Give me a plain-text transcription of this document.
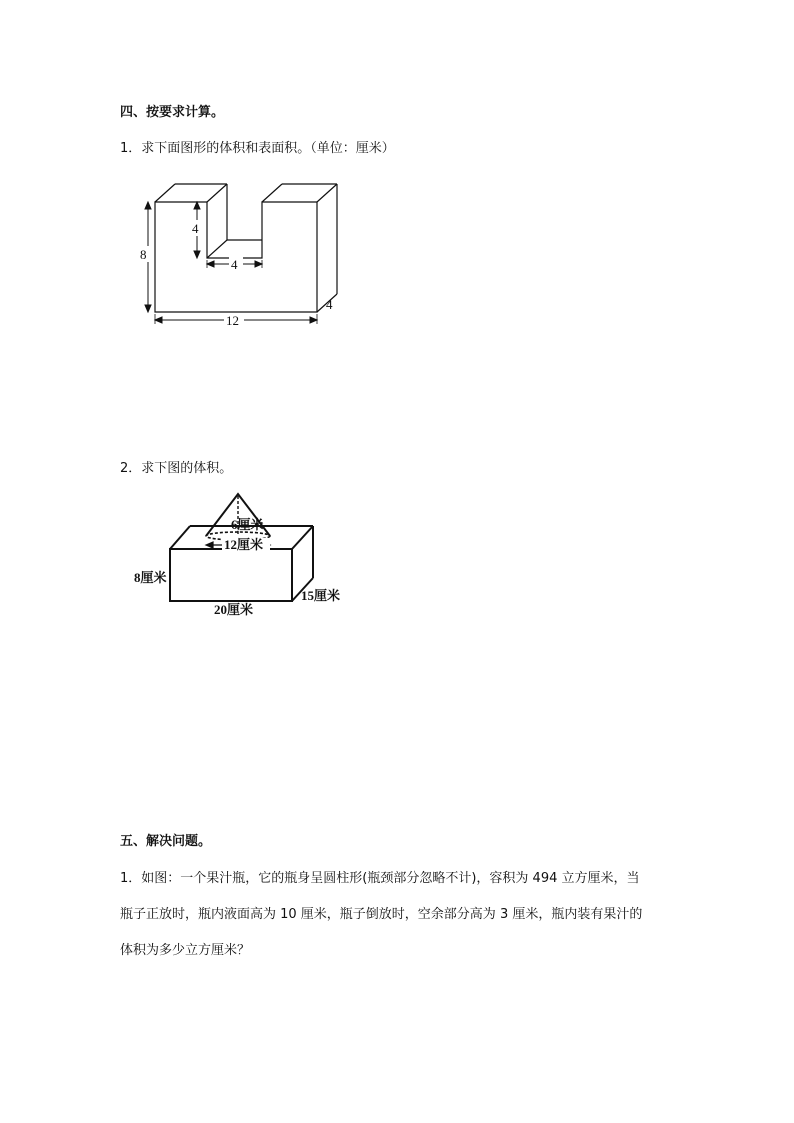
四、按要求计算。
1．求下面图形的体积和表面积。（单位：厘米）
8
4
4
12
4
2．求下图的体积。
12厘米
6厘米
8厘米
20厘米
15厘米
五、解决问题。
1．如图：一个果汁瓶，它的瓶身呈圆柱形(瓶颈部分忽略不计)，容积为 494 立方厘米，当
瓶子正放时，瓶内液面高为 10 厘米，瓶子倒放时，空余部分高为 3 厘米，瓶内装有果汁的
体积为多少立方厘米？
